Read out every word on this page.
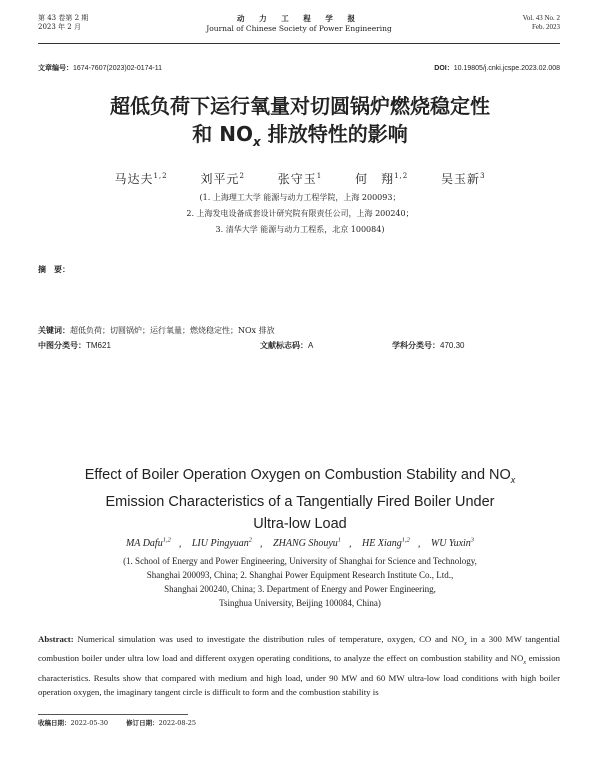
第 43 卷第 2 期
2023 年 2 月
动 力 工 程 学 报
Journal of Chinese Society of Power Engineering
Vol. 43 No. 2
Feb. 2023
文章编号：1674-7607(2023)02-0174-11	DOI：10.19805/j.cnki.jcspe.2023.02.008
超低负荷下运行氧量对切圆锅炉燃烧稳定性
和 $NO_x$ 排放特性的影响
马达夫$^{1,2}$	刘平元$^2$	张守玉$^1$	何　翔$^{1,2}$	吴玉新$^3$
(1. 上海理工大学 能源与动力工程学院，上海 200093；
2. 上海发电设备成套设计研究院有限责任公司，上海 200240；
3. 清华大学 能源与动力工程系，北京 100084)
摘　要：
关键词：超低负荷；切圆锅炉；运行氧量；燃烧稳定性；NOx 排放
中图分类号：TM621	文献标志码：A	学科分类号：470.30
Effect of Boiler Operation Oxygen on Combustion Stability and $NO_x$
Emission Characteristics of a Tangentially Fired Boiler Under
Ultra-low Load
MA Dafu$^{1,2}$ , LIU Pingyuan$^2$ , ZHANG Shouyu$^1$ , HE Xiang$^{1,2}$ , WU Yuxin$^3$
(1. School of Energy and Power Engineering, University of Shanghai for Science and Technology,
Shanghai 200093, China; 2. Shanghai Power Equipment Research Institute Co., Ltd.,
Shanghai 200240, China; 3. Department of Energy and Power Engineering,
Tsinghua University, Beijing 100084, China)
Abstract: Numerical simulation was used to investigate the distribution rules of temperature, oxygen, CO and $NO_x$ in a 300 MW tangential combustion boiler under ultra low load and different oxygen operating conditions, to analyze the effect on combustion stability and $NO_x$ emission characteristics. Results show that compared with medium and high load, under 90 MW and 60 MW ultra-low load conditions with high boiler operation oxygen, the imaginary tangent circle is difficult to form and the combustion stability is
收稿日期：2022-05-30	修订日期：2022-08-25
